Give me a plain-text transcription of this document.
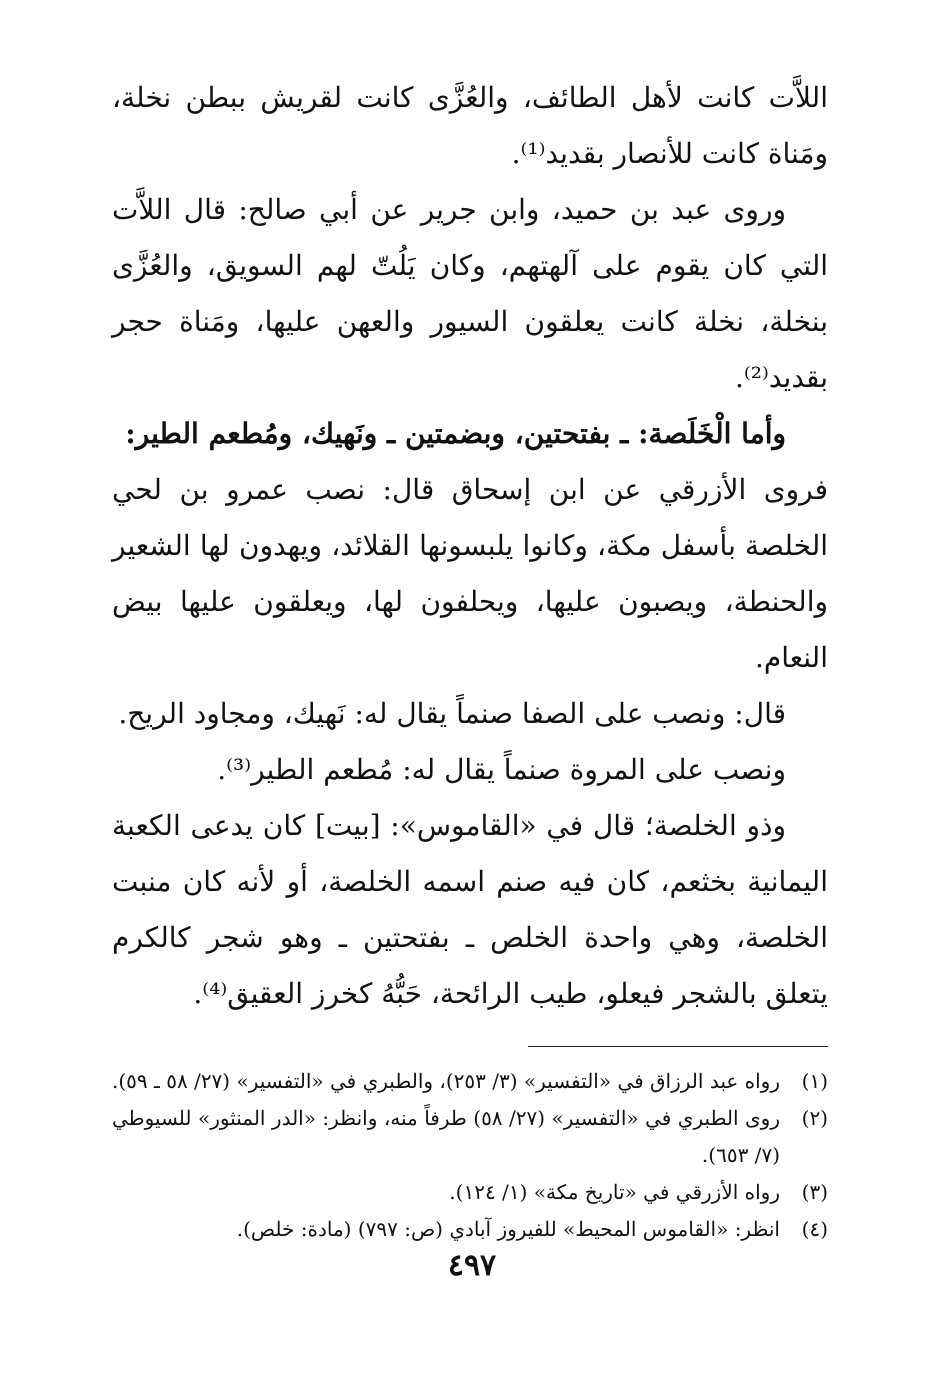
اللاَّت كانت لأهل الطائف، والعُزَّى كانت لقريش ببطن نخلة، ومَناة كانت للأنصار بقديد⁽¹⁾.

وروى عبد بن حميد، وابن جرير عن أبي صالح: قال اللاَّت التي كان يقوم على آلهتهم، وكان يَلُتّ لهم السويق، والعُزَّى بنخلة، نخلة كانت يعلقون السيور والعهن عليها، ومَناة حجر بقديد⁽²⁾.

وأما الْخَلَصة: ـ بفتحتين، وبضمتين ـ ونَهيك، ومُطعم الطير:

فروى الأزرقي عن ابن إسحاق قال: نصب عمرو بن لحي الخلصة بأسفل مكة، وكانوا يلبسونها القلائد، ويهدون لها الشعير والحنطة، ويصبون عليها، ويحلفون لها، ويعلقون عليها بيض النعام.

قال: ونصب على الصفا صنماً يقال له: نَهيك، ومجاود الريح.

ونصب على المروة صنماً يقال له: مُطعم الطير⁽³⁾.

وذو الخلصة؛ قال في «القاموس»: [بيت] كان يدعى الكعبة اليمانية بخثعم، كان فيه صنم اسمه الخلصة، أو لأنه كان منبت الخلصة، وهي واحدة الخلص ـ بفتحتين ـ وهو شجر كالكرم يتعلق بالشجر فيعلو، طيب الرائحة، حَبُّهُ كخرز العقيق⁽⁴⁾.

(١)
رواه عبد الرزاق في «التفسير» (٣/ ٢٥٣)، والطبري في «التفسير» (٢٧/ ٥٨ ـ ٥٩).
(٢)
روى الطبري في «التفسير» (٢٧/ ٥٨) طرفاً منه، وانظر: «الدر المنثور» للسيوطي (٧/ ٦٥٣).
(٣)
رواه الأزرقي في «تاريخ مكة» (١/ ١٢٤).
(٤)
انظر: «القاموس المحيط» للفيروز آبادي (ص: ٧٩٧) (مادة: خلص).
٤٩٧
